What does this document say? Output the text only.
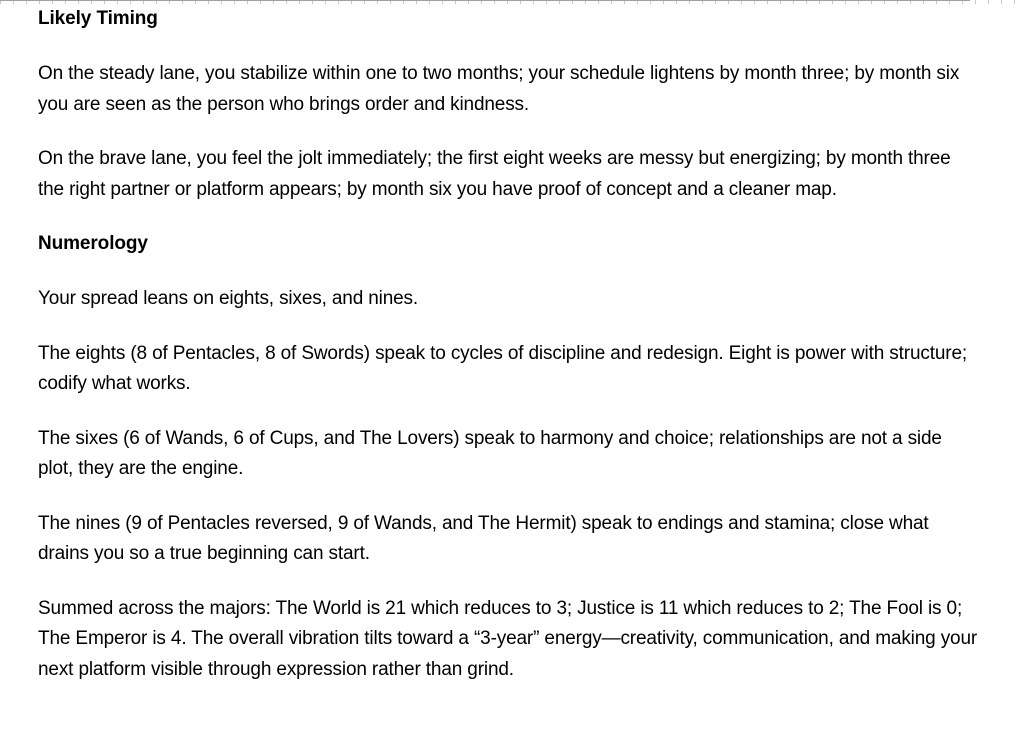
Likely Timing

On the steady lane, you stabilize within one to two months; your schedule lightens by month three; by month six you are seen as the person who brings order and kindness.

On the brave lane, you feel the jolt immediately; the first eight weeks are messy but energizing; by month three the right partner or platform appears; by month six you have proof of concept and a cleaner map.

Numerology

Your spread leans on eights, sixes, and nines.

The eights (8 of Pentacles, 8 of Swords) speak to cycles of discipline and redesign. Eight is power with structure; codify what works.

The sixes (6 of Wands, 6 of Cups, and The Lovers) speak to harmony and choice; relationships are not a side plot, they are the engine.

The nines (9 of Pentacles reversed, 9 of Wands, and The Hermit) speak to endings and stamina; close what drains you so a true beginning can start.

Summed across the majors: The World is 21 which reduces to 3; Justice is 11 which reduces to 2; The Fool is 0; The Emperor is 4. The overall vibration tilts toward a “3-year” energy—creativity, communication, and making your next platform visible through expression rather than grind.
